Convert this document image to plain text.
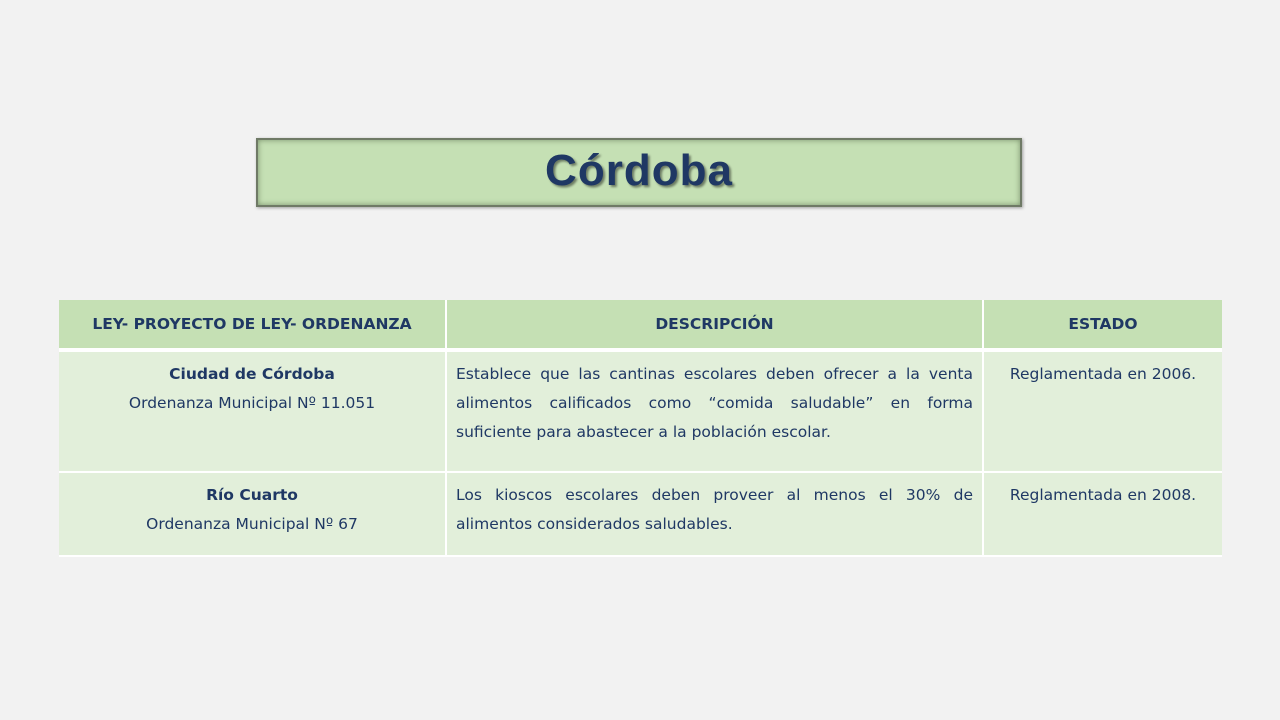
Córdoba
LEY- PROYECTO DE LEY- ORDENANZA	DESCRIPCIÓN	ESTADO

Ciudad de Córdoba
Ordenanza Municipal Nº 11.051	Establece que las cantinas escolares deben ofrecer a la venta alimentos calificados como “comida saludable” en forma suficiente para abastecer a la población escolar.	Reglamentada en 2006.

Río Cuarto
Ordenanza Municipal Nº 67	Los kioscos escolares deben proveer al menos el 30% de alimentos considerados saludables.	Reglamentada en 2008.
